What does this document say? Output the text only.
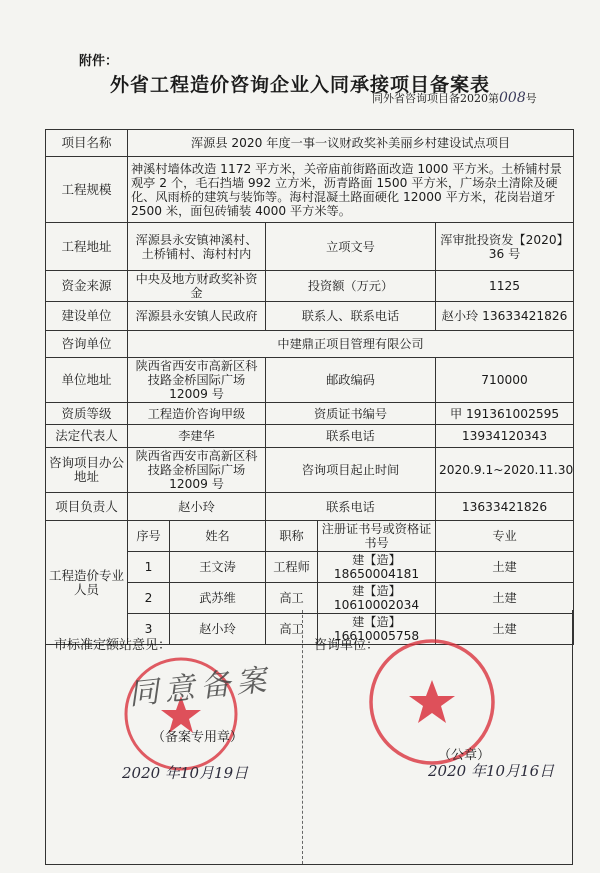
附件：
外省工程造价咨询企业入同承接项目备案表
同外省咨询项目备2020第008号
项目名称	浑源县 2020 年度一事一议财政奖补美丽乡村建设试点项目				
工程规模	神溪村墙体改造 1172 平方米，关帝庙前街路面改造 1000 平方米。土桥铺村景观亭 2 个，毛石挡墙 992 立方米，沥青路面 1500 平方米，广场杂土清除及硬化、风雨桥的建筑与装饰等。海村混凝土路面硬化 12000 平方米，花岗岩道牙 2500 米，面包砖铺装 4000 平方米等。				
工程地址	浑源县永安镇神溪村、土桥铺村、海村村内		立项文号		浑审批投资发【2020】36 号
资金来源	中央及地方财政奖补资金		投资额（万元）		1125
建设单位	浑源县永安镇人民政府		联系人、联系电话		赵小玲 13633421826
咨询单位	中建鼎正项目管理有限公司				
单位地址	陕西省西安市高新区科技路金桥国际广场 12009 号		邮政编码		710000
资质等级	工程造价咨询甲级		资质证书编号		甲 191361002595
法定代表人	李建华		联系电话		13934120343
咨询项目办公地址	陕西省西安市高新区科技路金桥国际广场 12009 号		咨询项目起止时间		2020.9.1~2020.11.30
项目负责人	赵小玲		联系电话		13633421826
工程造价专业人员	序号	姓名	职称	注册证书号或资格证书号	专业
	1	王文涛	工程师	建【造】18650004181	土建
	2	武苏维	高工	建【造】10610002034	土建
	3	赵小玲	高工	建【造】16610005758	土建
市标准定额站意见：	咨询单位：
同意备案
（备案专用章）
2020 年10月19日
（公章）
2020 年10月16日
